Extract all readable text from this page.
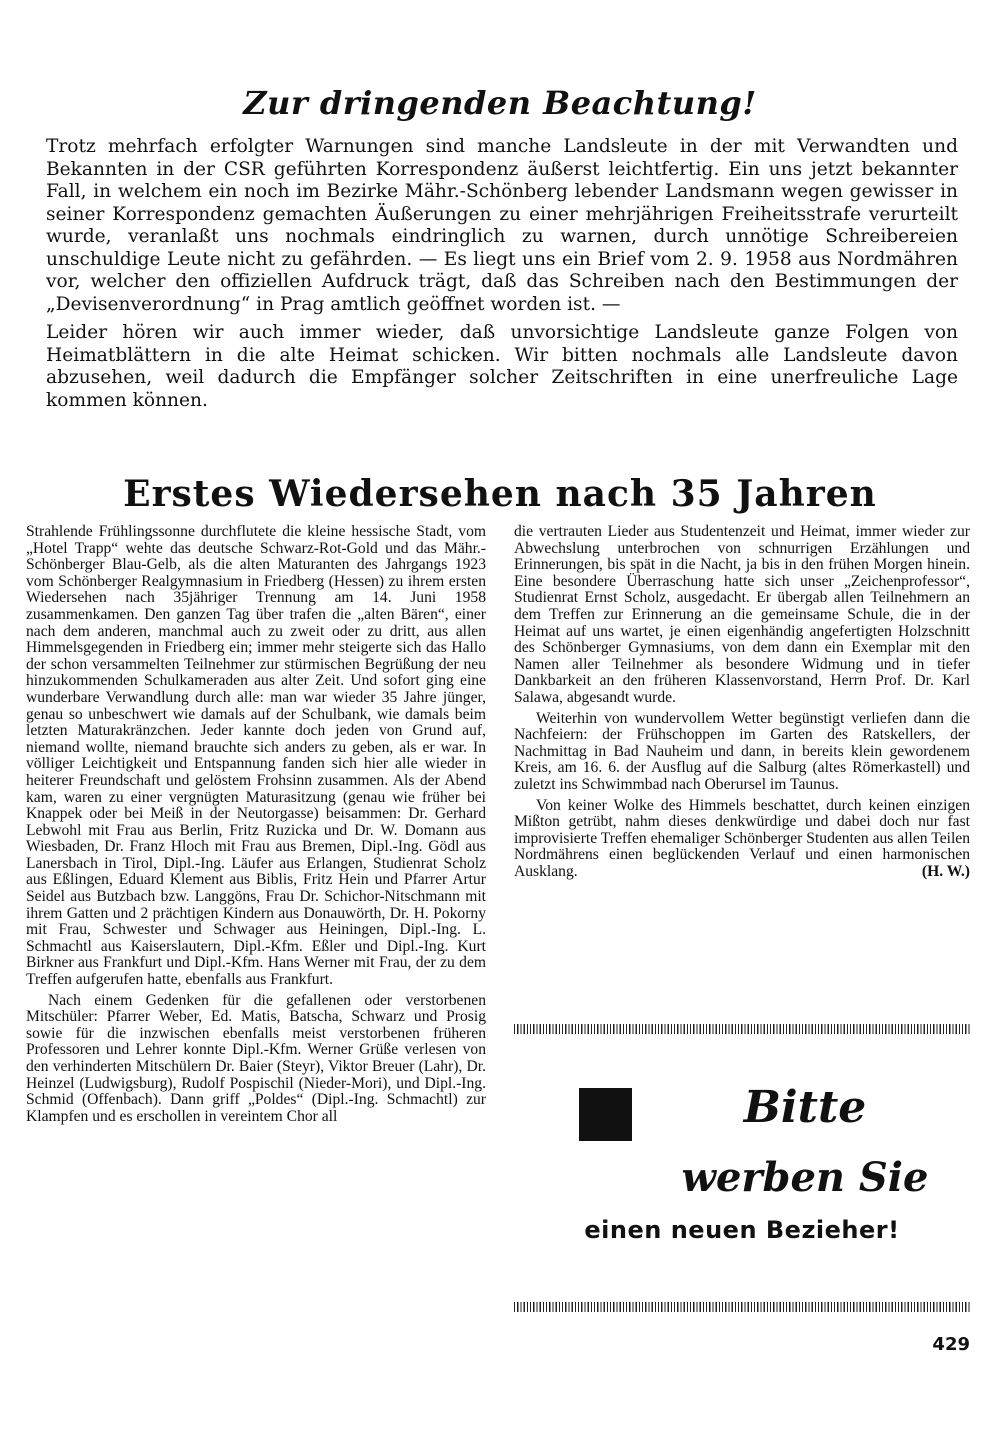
Zur dringenden Beachtung!

Trotz mehrfach erfolgter Warnungen sind manche Landsleute in der mit Verwandten und Bekannten in der CSR geführten Korrespondenz äußerst leichtfertig. Ein uns jetzt bekannter Fall, in welchem ein noch im Bezirke Mähr.-Schönberg lebender Landsmann wegen gewisser in seiner Korrespondenz gemachten Äußerungen zu einer mehrjährigen Freiheitsstrafe verurteilt wurde, veranlaßt uns nochmals eindringlich zu warnen, durch unnötige Schreibereien unschuldige Leute nicht zu gefährden. — Es liegt uns ein Brief vom 2. 9. 1958 aus Nordmähren vor, welcher den offiziellen Aufdruck trägt, daß das Schreiben nach den Bestimmungen der „Devisenverordnung“ in Prag amtlich geöffnet worden ist. —

Leider hören wir auch immer wieder, daß unvorsichtige Landsleute ganze Folgen von Heimatblättern in die alte Heimat schicken. Wir bitten nochmals alle Landsleute davon abzusehen, weil dadurch die Empfänger solcher Zeitschriften in eine unerfreuliche Lage kommen können.

Erstes Wiedersehen nach 35 Jahren

Strahlende Frühlingssonne durchflutete die kleine hessische Stadt, vom „Hotel Trapp“ wehte das deutsche Schwarz-Rot-Gold und das Mähr.-Schönberger Blau-Gelb, als die alten Maturanten des Jahrgangs 1923 vom Schönberger Realgymnasium in Friedberg (Hessen) zu ihrem ersten Wiedersehen nach 35jähriger Trennung am 14. Juni 1958 zusammenkamen. Den ganzen Tag über trafen die „alten Bären“, einer nach dem anderen, manchmal auch zu zweit oder zu dritt, aus allen Himmelsgegenden in Friedberg ein; immer mehr steigerte sich das Hallo der schon versammelten Teilnehmer zur stürmischen Begrüßung der neu hinzukommenden Schulkameraden aus alter Zeit. Und sofort ging eine wunderbare Verwandlung durch alle: man war wieder 35 Jahre jünger, genau so unbeschwert wie damals auf der Schulbank, wie damals beim letzten Maturakränzchen. Jeder kannte doch jeden von Grund auf, niemand wollte, niemand brauchte sich anders zu geben, als er war. In völliger Leichtigkeit und Entspannung fanden sich hier alle wieder in heiterer Freundschaft und gelöstem Frohsinn zusammen. Als der Abend kam, waren zu einer vergnügten Maturasitzung (genau wie früher bei Knappek oder bei Meiß in der Neutorgasse) beisammen: Dr. Gerhard Lebwohl mit Frau aus Berlin, Fritz Ruzicka und Dr. W. Domann aus Wiesbaden, Dr. Franz Hloch mit Frau aus Bremen, Dipl.-Ing. Gödl aus Lanersbach in Tirol, Dipl.-Ing. Läufer aus Erlangen, Studienrat Scholz aus Eßlingen, Eduard Klement aus Biblis, Fritz Hein und Pfarrer Artur Seidel aus Butzbach bzw. Langgöns, Frau Dr. Schichor-Nitschmann mit ihrem Gatten und 2 prächtigen Kindern aus Donauwörth, Dr. H. Pokorny mit Frau, Schwester und Schwager aus Heiningen, Dipl.-Ing. L. Schmachtl aus Kaiserslautern, Dipl.-Kfm. Eßler und Dipl.-Ing. Kurt Birkner aus Frankfurt und Dipl.-Kfm. Hans Werner mit Frau, der zu dem Treffen aufgerufen hatte, ebenfalls aus Frankfurt.

Nach einem Gedenken für die gefallenen oder verstorbenen Mitschüler: Pfarrer Weber, Ed. Matis, Batscha, Schwarz und Prosig sowie für die inzwischen ebenfalls meist verstorbenen früheren Professoren und Lehrer konnte Dipl.-Kfm. Werner Grüße verlesen von den verhinderten Mitschülern Dr. Baier (Steyr), Viktor Breuer (Lahr), Dr. Heinzel (Ludwigsburg), Rudolf Pospischil (Nieder-Mori), und Dipl.-Ing. Schmid (Offenbach). Dann griff „Poldes“ (Dipl.-Ing. Schmachtl) zur Klampfen und es erschollen in vereintem Chor all

die vertrauten Lieder aus Studentenzeit und Heimat, immer wieder zur Abwechslung unterbrochen von schnurrigen Erzählungen und Erinnerungen, bis spät in die Nacht, ja bis in den frühen Morgen hinein. Eine besondere Überraschung hatte sich unser „Zeichenprofessor“, Studienrat Ernst Scholz, ausgedacht. Er übergab allen Teilnehmern an dem Treffen zur Erinnerung an die gemeinsame Schule, die in der Heimat auf uns wartet, je einen eigenhändig angefertigten Holzschnitt des Schönberger Gymnasiums, von dem dann ein Exemplar mit den Namen aller Teilnehmer als besondere Widmung und in tiefer Dankbarkeit an den früheren Klassenvorstand, Herrn Prof. Dr. Karl Salawa, abgesandt wurde.

Weiterhin von wundervollem Wetter begünstigt verliefen dann die Nachfeiern: der Frühschoppen im Garten des Ratskellers, der Nachmittag in Bad Nauheim und dann, in bereits klein gewordenem Kreis, am 16. 6. der Ausflug auf die Salburg (altes Römerkastell) und zuletzt ins Schwimmbad nach Oberursel im Taunus.

Von keiner Wolke des Himmels beschattet, durch keinen einzigen Mißton getrübt, nahm dieses denkwürdige und dabei doch nur fast improvisierte Treffen ehemaliger Schönberger Studenten aus allen Teilen Nordmährens einen beglückenden Verlauf und einen harmonischen Ausklang.	(H. W.)

Bitte
werben Sie
einen neuen Bezieher!
429
